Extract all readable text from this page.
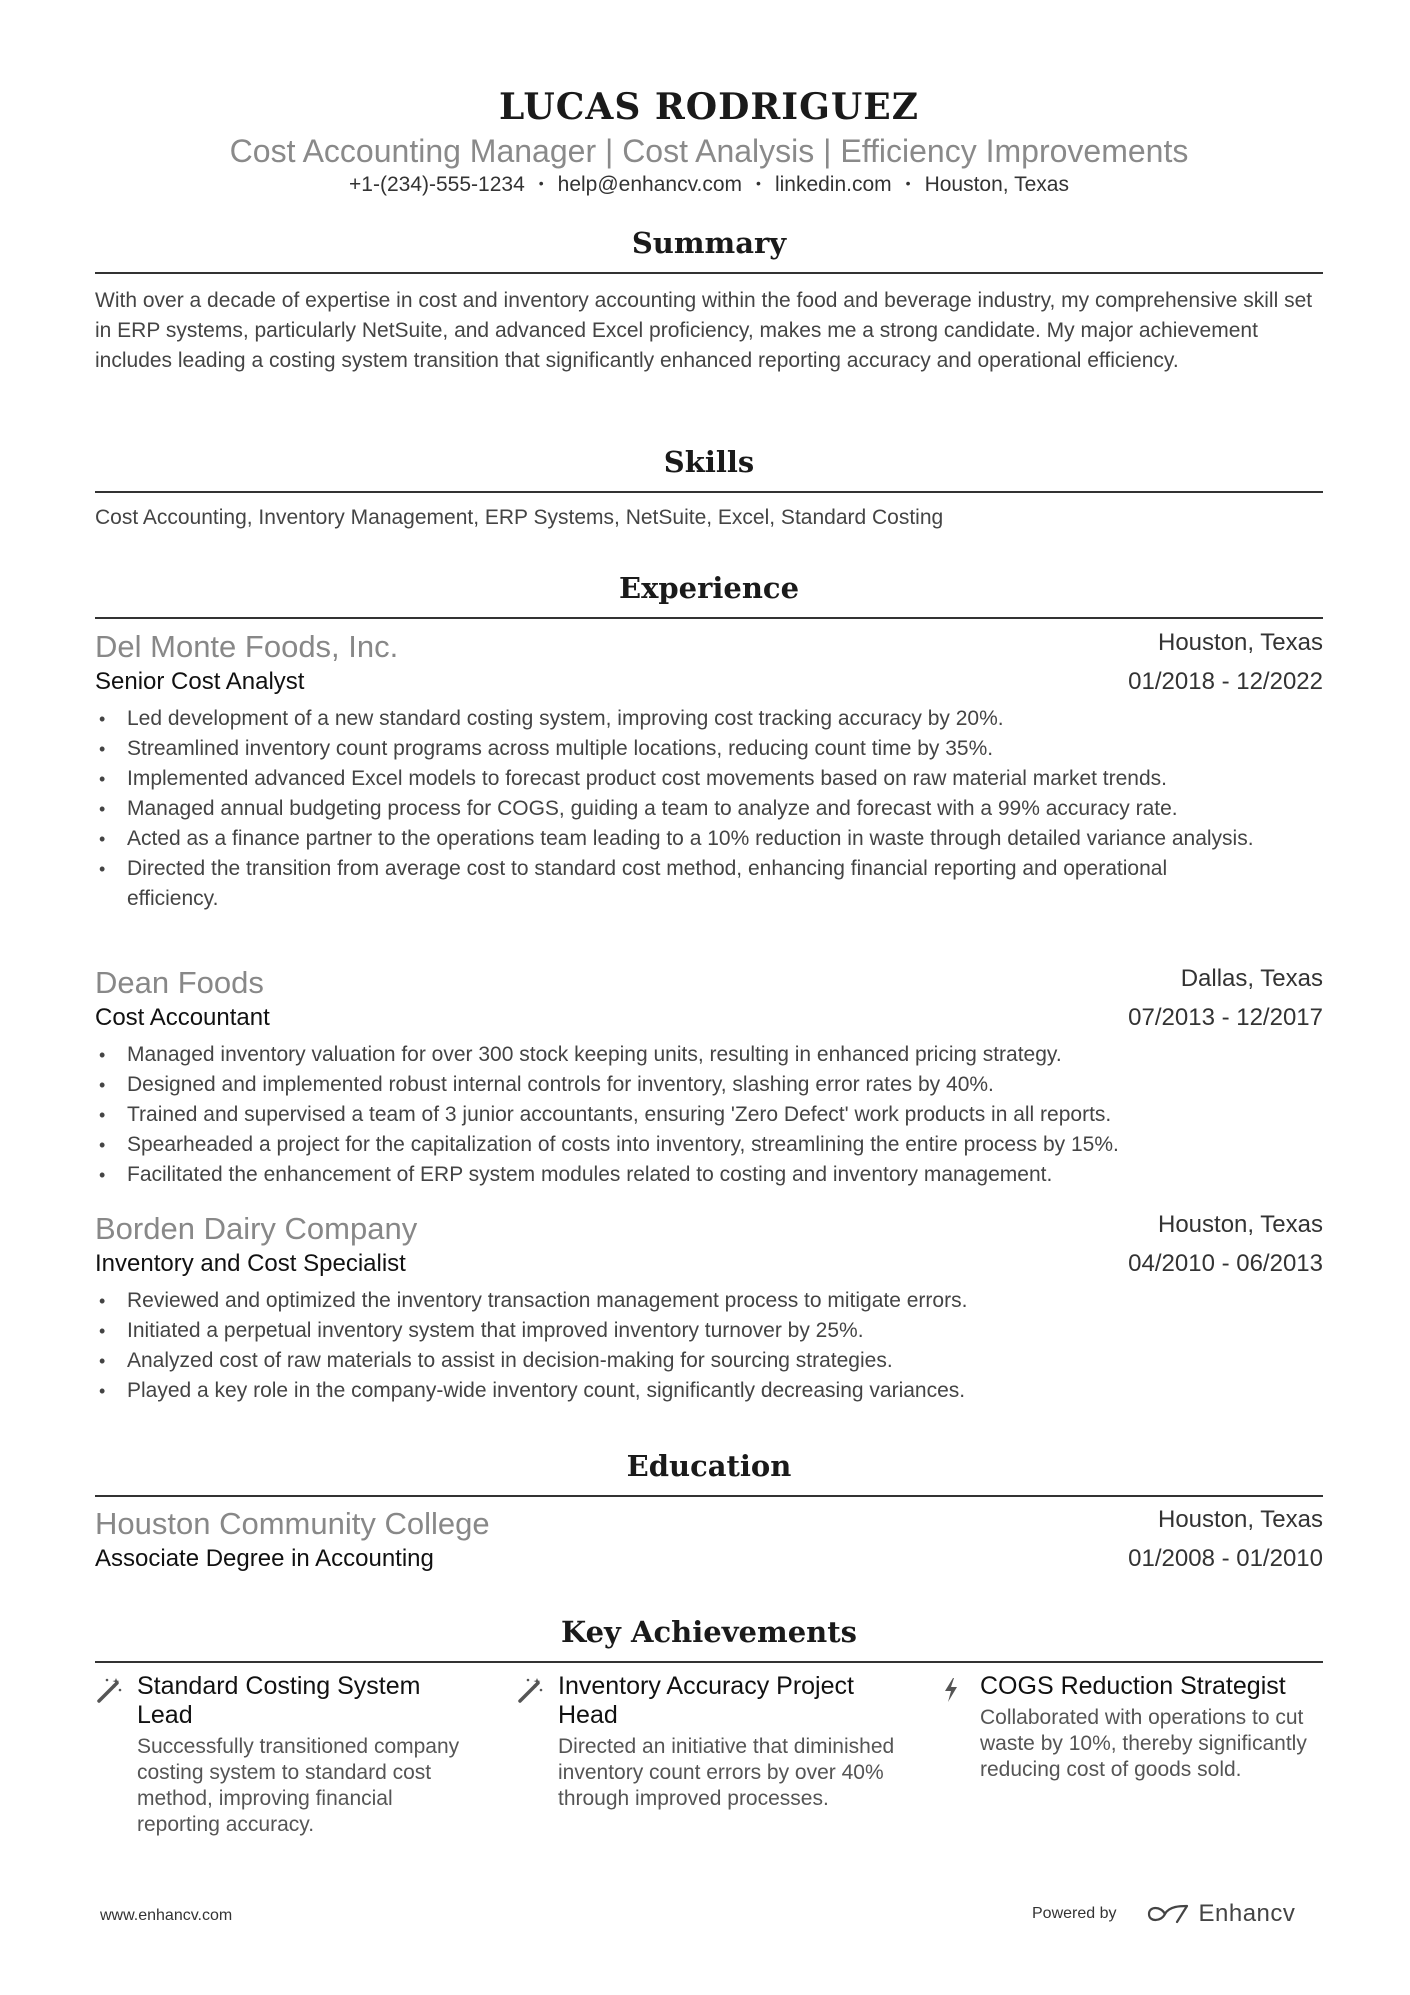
LUCAS RODRIGUEZ
Cost Accounting Manager | Cost Analysis | Efficiency Improvements
+1-(234)-555-1234 • help@enhancv.com • linkedin.com • Houston, Texas
Summary
With over a decade of expertise in cost and inventory accounting within the food and beverage industry, my comprehensive skill set in ERP systems, particularly NetSuite, and advanced Excel proficiency, makes me a strong candidate. My major achievement includes leading a costing system transition that significantly enhanced reporting accuracy and operational efficiency.
Skills
Cost Accounting, Inventory Management, ERP Systems, NetSuite, Excel, Standard Costing
Experience
Del Monte Foods, Inc.	Houston, Texas
Senior Cost Analyst	01/2018 - 12/2022
• Led development of a new standard costing system, improving cost tracking accuracy by 20%.
• Streamlined inventory count programs across multiple locations, reducing count time by 35%.
• Implemented advanced Excel models to forecast product cost movements based on raw material market trends.
• Managed annual budgeting process for COGS, guiding a team to analyze and forecast with a 99% accuracy rate.
• Acted as a finance partner to the operations team leading to a 10% reduction in waste through detailed variance analysis.
• Directed the transition from average cost to standard cost method, enhancing financial reporting and operational efficiency.
Dean Foods	Dallas, Texas
Cost Accountant	07/2013 - 12/2017
• Managed inventory valuation for over 300 stock keeping units, resulting in enhanced pricing strategy.
• Designed and implemented robust internal controls for inventory, slashing error rates by 40%.
• Trained and supervised a team of 3 junior accountants, ensuring 'Zero Defect' work products in all reports.
• Spearheaded a project for the capitalization of costs into inventory, streamlining the entire process by 15%.
• Facilitated the enhancement of ERP system modules related to costing and inventory management.
Borden Dairy Company	Houston, Texas
Inventory and Cost Specialist	04/2010 - 06/2013
• Reviewed and optimized the inventory transaction management process to mitigate errors.
• Initiated a perpetual inventory system that improved inventory turnover by 25%.
• Analyzed cost of raw materials to assist in decision-making for sourcing strategies.
• Played a key role in the company-wide inventory count, significantly decreasing variances.
Education
Houston Community College	Houston, Texas
Associate Degree in Accounting	01/2008 - 01/2010
Key Achievements
Standard Costing System Lead
Successfully transitioned company costing system to standard cost method, improving financial reporting accuracy.
Inventory Accuracy Project Head
Directed an initiative that diminished inventory count errors by over 40% through improved processes.
COGS Reduction Strategist
Collaborated with operations to cut waste by 10%, thereby significantly reducing cost of goods sold.
www.enhancv.com	Powered by	Enhancv
